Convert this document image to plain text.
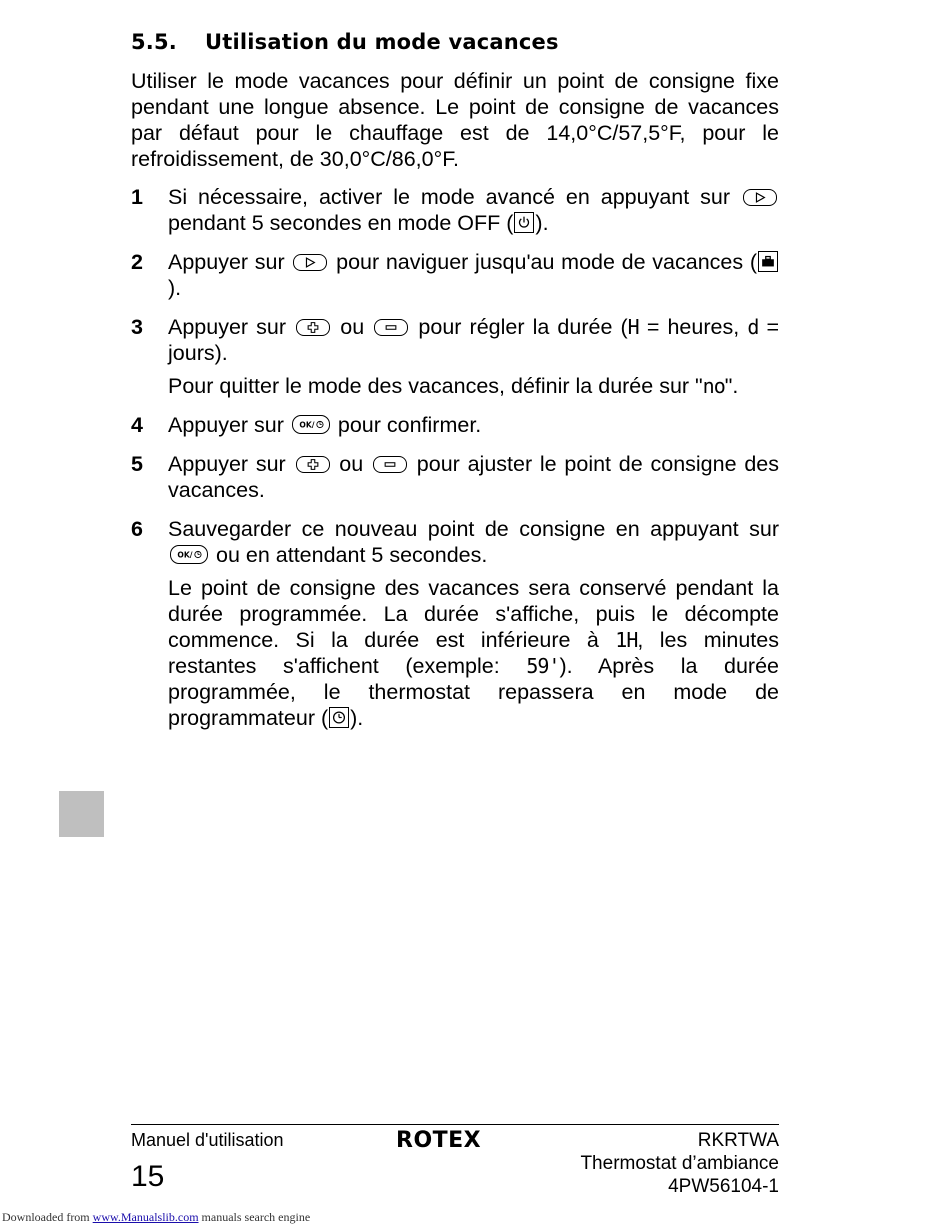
5.5. Utilisation du mode vacances
Utiliser le mode vacances pour définir un point de consigne fixe pendant une longue absence. Le point de consigne de vacances par défaut pour le chauffage est de 14,0°C/57,5°F, pour le refroidissement, de 30,0°C/86,0°F.
1 Si nécessaire, activer le mode avancé en appuyant sur
pendant 5 secondes en mode OFF ( ).

2 Appuyer sur pour naviguer jusqu'au mode de vacances (
).

3 Appuyer sur	ou	pour régler la durée (H = heures, d = jours).

Pour quitter le mode des vacances, définir la durée sur "no".

4 Appuyer sur OK/ pour confirmer.

5 Appuyer sur ou pour ajuster le point de consigne des vacances.

6 Sauvegarder ce nouveau point de consigne en appuyant sur
OK/ ou en attendant 5 secondes.

Le point de consigne des vacances sera conservé pendant la durée programmée. La durée s'affiche, puis le décompte commence. Si la durée est inférieure à 1H, les minutes restantes s'affichent (exemple: 59'). Après la durée programmée, le thermostat repassera en mode de programmateur ( ).

Manuel d'utilisation
15
ROTEX	RKRTWA
Thermostat d’ambiance
4PW56104-1
Downloaded from www.Manualslib.com manuals search engine
